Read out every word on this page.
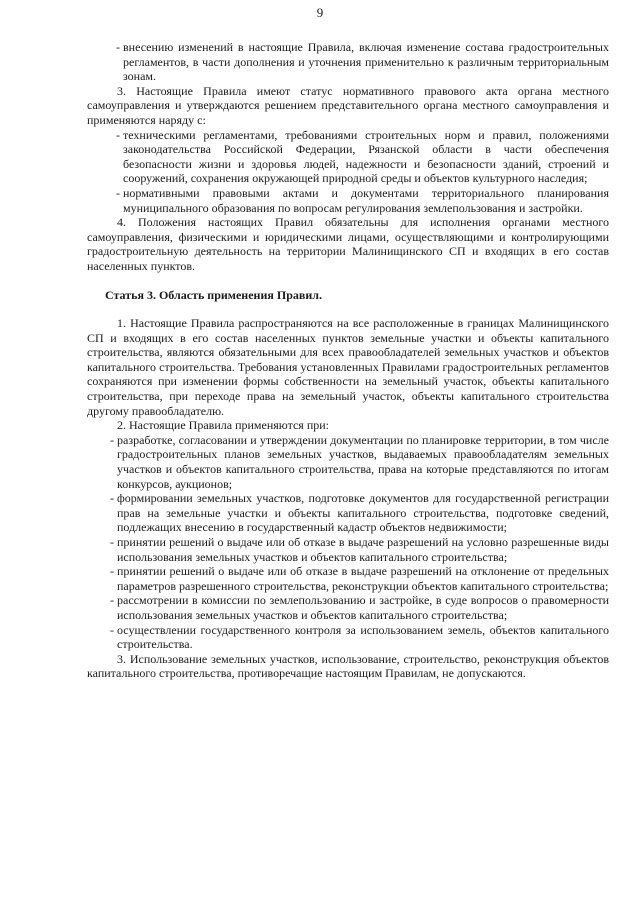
9

- внесению изменений в настоящие Правила, включая изменение состава градостроительных регламентов, в части дополнения и уточнения применительно к различным территориальным зонам.

3. Настоящие Правила имеют статус нормативного правового акта органа местного самоуправления и утверждаются решением представительного органа местного самоуправления и применяются наряду с:

- техническими регламентами, требованиями строительных норм и правил, положениями законодательства Российской Федерации, Рязанской области в части обеспечения безопасности жизни и здоровья людей, надежности и безопасности зданий, строений и сооружений, сохранения окружающей природной среды и объектов культурного наследия;

- нормативными правовыми актами и документами территориального планирования муниципального образования по вопросам регулирования землепользования и застройки.

4. Положения настоящих Правил обязательны для исполнения органами местного самоуправления, физическими и юридическими лицами, осуществляющими и контролирующими градостроительную деятельность на территории Малинищинского СП и входящих в его состав населенных пунктов.

Статья 3. Область применения Правил.

1. Настоящие Правила распространяются на все расположенные в границах Малинищинского СП и входящих в его состав населенных пунктов земельные участки и объекты капитального строительства, являются обязательными для всех правообладателей земельных участков и объектов капитального строительства. Требования установленных Правилами градостроительных регламентов сохраняются при изменении формы собственности на земельный участок, объекты капитального строительства, при переходе права на земельный участок, объекты капитального строительства другому правообладателю.

2. Настоящие Правила применяются при:

- разработке, согласовании и утверждении документации по планировке территории, в том числе градостроительных планов земельных участков, выдаваемых правообладателям земельных участков и объектов капитального строительства, права на которые представляются по итогам конкурсов, аукционов;

- формировании земельных участков, подготовке документов для государственной регистрации прав на земельные участки и объекты капитального строительства, подготовке сведений, подлежащих внесению в государственный кадастр объектов недвижимости;

- принятии решений о выдаче или об отказе в выдаче разрешений на условно разрешенные виды использования земельных участков и объектов капитального строительства;

- принятии решений о выдаче или об отказе в выдаче разрешений на отклонение от предельных параметров разрешенного строительства, реконструкции объектов капитального строительства;

- рассмотрении в комиссии по землепользованию и застройке, в суде вопросов о правомерности использования земельных участков и объектов капитального строительства;

- осуществлении государственного контроля за использованием земель, объектов капитального строительства.

3. Использование земельных участков, использование, строительство, реконструкция объектов капитального строительства, противоречащие настоящим Правилам, не допускаются.
